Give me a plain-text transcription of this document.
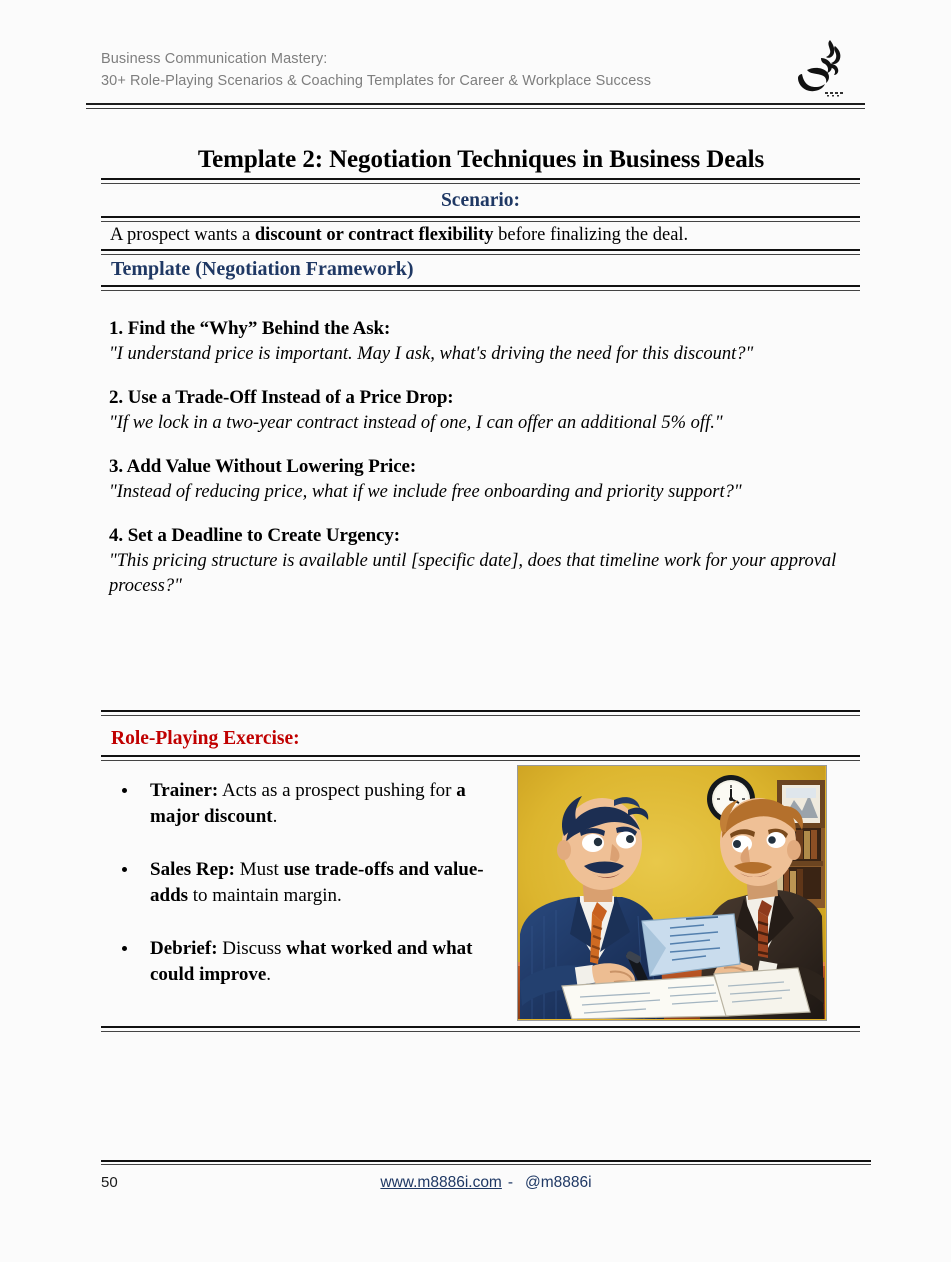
Business Communication Mastery:
30+ Role-Playing Scenarios & Coaching Templates for Career & Workplace Success
Template 2: Negotiation Techniques in Business Deals
Scenario:
A prospect wants a discount or contract flexibility before finalizing the deal.
Template (Negotiation Framework)
1. Find the “Why” Behind the Ask:
"I understand price is important. May I ask, what's driving the need for this discount?"
2. Use a Trade-Off Instead of a Price Drop:
"If we lock in a two-year contract instead of one, I can offer an additional 5% off."
3. Add Value Without Lowering Price:
"Instead of reducing price, what if we include free onboarding and priority support?"
4. Set a Deadline to Create Urgency:
"This pricing structure is available until [specific date], does that timeline work for your approval process?"
Role-Playing Exercise:
Trainer: Acts as a prospect pushing for a major discount.
Sales Rep: Must use trade-offs and value-adds to maintain margin.
Debrief: Discuss what worked and what could improve.
50	www.m8886i.com - @m8886i
